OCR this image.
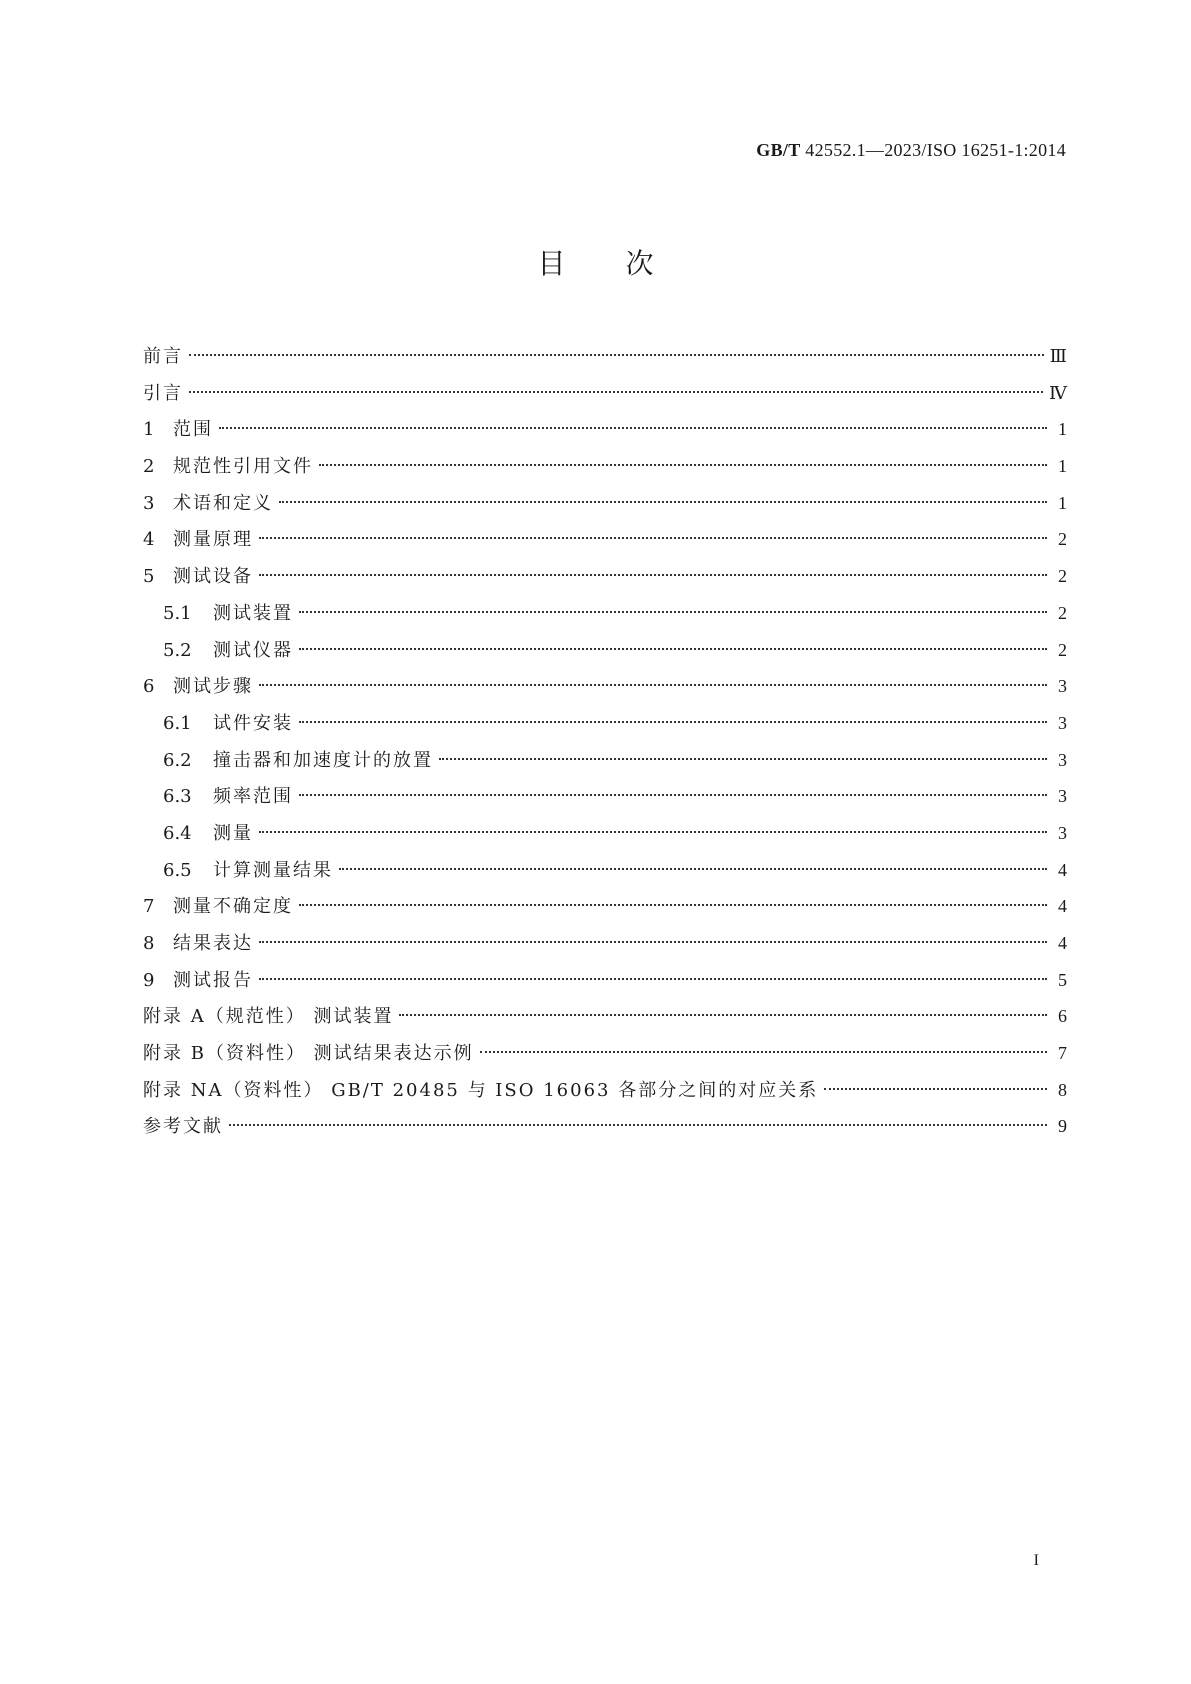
GB/T 42552.1—2023/ISO 16251-1:2014
目次
前言	Ⅲ
引言	Ⅳ
1	范围	1
2	规范性引用文件	1
3	术语和定义	1
4	测量原理	2
5	测试设备	2
5.1	测试装置	2
5.2	测试仪器	2
6	测试步骤	3
6.1	试件安装	3
6.2	撞击器和加速度计的放置	3
6.3	频率范围	3
6.4	测量	3
6.5	计算测量结果	4
7	测量不确定度	4
8	结果表达	4
9	测试报告	5
附录 A（规范性） 测试装置	6
附录 B（资料性） 测试结果表达示例	7
附录 NA（资料性） GB/T 20485 与 ISO 16063 各部分之间的对应关系	8
参考文献	9
I
